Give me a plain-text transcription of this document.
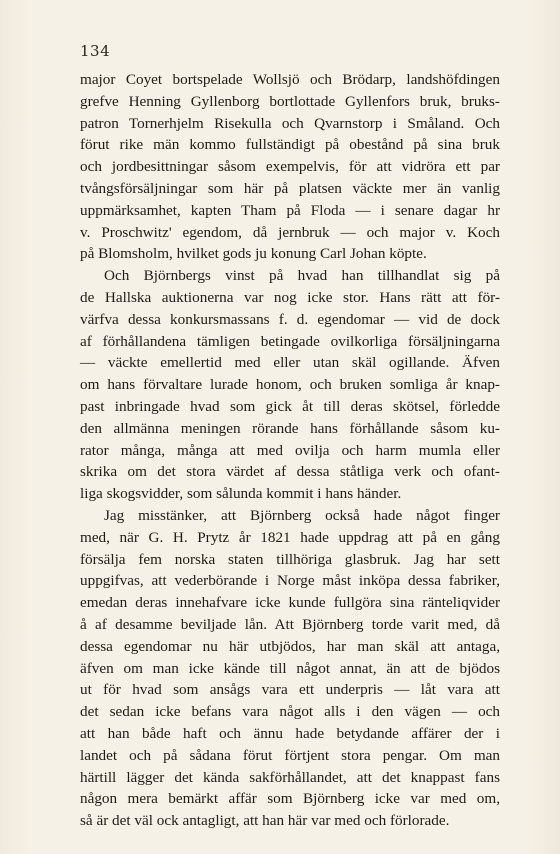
134
major Coyet bortspelade Wollsjö och Brödarp, landshöfdingen
grefve Henning Gyllenborg bortlottade Gyllenfors bruk, bruks-
patron Tornerhjelm Risekulla och Qvarnstorp i Småland. Och
förut rike män kommo fullständigt på obestånd på sina bruk
och jordbesittningar såsom exempelvis, för att vidröra ett par
tvångsförsäljningar som här på platsen väckte mer än vanlig
uppmärksamhet, kapten Tham på Floda — i senare dagar hr
v. Proschwitz' egendom, då jernbruk — och major v. Koch
på Blomsholm, hvilket gods ju konung Carl Johan köpte.
Och Björnbergs vinst på hvad han tillhandlat sig på
de Hallska auktionerna var nog icke stor. Hans rätt att för-
värfva dessa konkursmassans f. d. egendomar — vid de dock
af förhållandena tämligen betingade ovilkorliga försäljningarna
— väckte emellertid med eller utan skäl ogillande. Äfven
om hans förvaltare lurade honom, och bruken somliga år knap-
past inbringade hvad som gick åt till deras skötsel, förledde
den allmänna meningen rörande hans förhållande såsom ku-
rator många, många att med ovilja och harm mumla eller
skrika om det stora värdet af dessa ståtliga verk och ofant-
liga skogsvidder, som sålunda kommit i hans händer.
Jag misstänker, att Björnberg också hade något finger
med, när G. H. Prytz år 1821 hade uppdrag att på en gång
försälja fem norska staten tillhöriga glasbruk. Jag har sett
uppgifvas, att vederbörande i Norge måst inköpa dessa fabriker,
emedan deras innehafvare icke kunde fullgöra sina ränteliqvider
å af desamme beviljade lån. Att Björnberg torde varit med, då
dessa egendomar nu här utbjödos, har man skäl att antaga,
äfven om man icke kände till något annat, än att de bjödos
ut för hvad som ansågs vara ett underpris — låt vara att
det sedan icke befans vara något alls i den vägen — och
att han både haft och ännu hade betydande affärer der i
landet och på sådana förut förtjent stora pengar. Om man
härtill lägger det kända sakförhållandet, att det knappast fans
någon mera bemärkt affär som Björnberg icke var med om,
så är det väl ock antagligt, att han här var med och förlorade.
